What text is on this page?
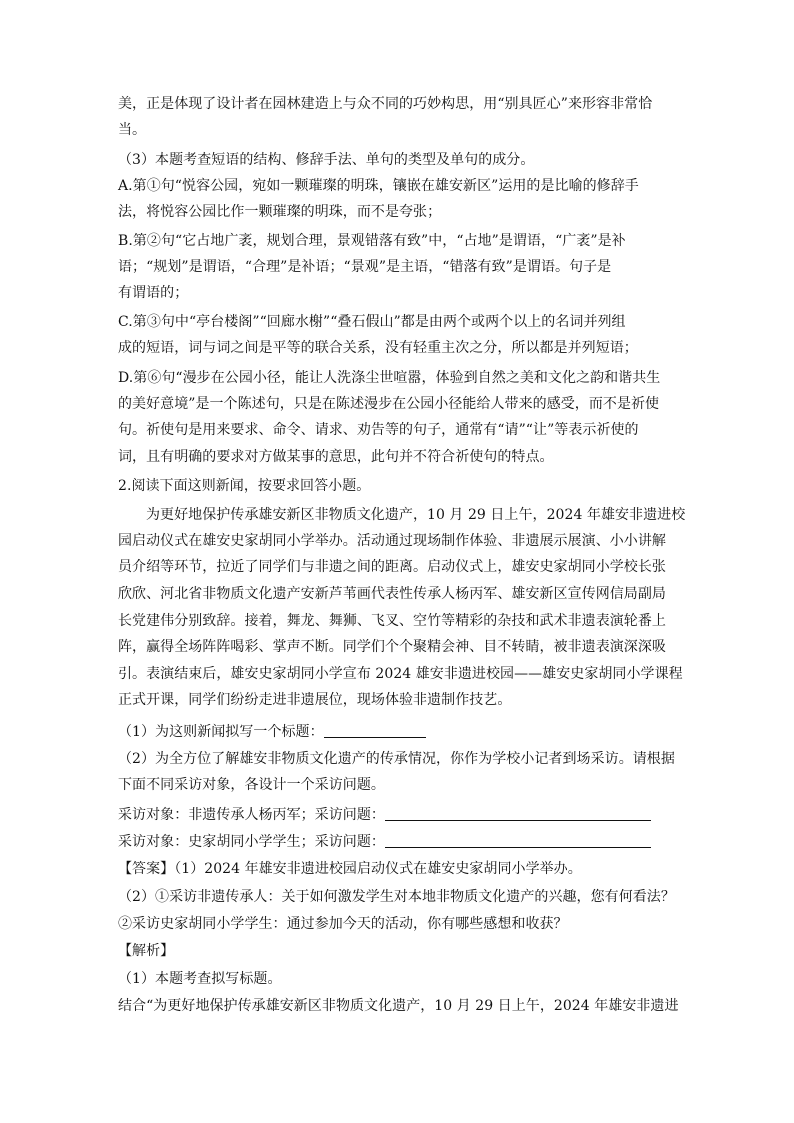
美，正是体现了设计者在园林建造上与众不同的巧妙构思，用“别具匠心”来形容非常恰
当。
（3）本题考查短语的结构、修辞手法、单句的类型及单句的成分。
A.第①句“悦容公园，宛如一颗璀璨的明珠，镶嵌在雄安新区”运用的是比喻的修辞手
法，将悦容公园比作一颗璀璨的明珠，而不是夸张；
B.第②句“它占地广袤，规划合理，景观错落有致”中，“占地”是谓语，“广袤”是补
语；“规划”是谓语，“合理”是补语；“景观”是主语，“错落有致”是谓语。句子是
有谓语的；
C.第③句中“亭台楼阁”“回廊水榭”“叠石假山”都是由两个或两个以上的名词并列组
成的短语，词与词之间是平等的联合关系，没有轻重主次之分，所以都是并列短语；
D.第⑥句“漫步在公园小径，能让人洗涤尘世喧嚣，体验到自然之美和文化之韵和谐共生
的美好意境”是一个陈述句，只是在陈述漫步在公园小径能给人带来的感受，而不是祈使
句。祈使句是用来要求、命令、请求、劝告等的句子，通常有“请”“让”等表示祈使的
词，且有明确的要求对方做某事的意思，此句并不符合祈使句的特点。
2.阅读下面这则新闻，按要求回答小题。
为更好地保护传承雄安新区非物质文化遗产，10 月 29 日上午，2024 年雄安非遗进校
园启动仪式在雄安史家胡同小学举办。活动通过现场制作体验、非遗展示展演、小小讲解
员介绍等环节，拉近了同学们与非遗之间的距离。启动仪式上，雄安史家胡同小学校长张
欣欣、河北省非物质文化遗产安新芦苇画代表性传承人杨丙军、雄安新区宣传网信局副局
长党建伟分别致辞。接着，舞龙、舞狮、飞叉、空竹等精彩的杂技和武术非遗表演轮番上
阵，赢得全场阵阵喝彩、掌声不断。同学们个个聚精会神、目不转睛，被非遗表演深深吸
引。表演结束后，雄安史家胡同小学宣布 2024 雄安非遗进校园——雄安史家胡同小学课程
正式开课，同学们纷纷走进非遗展位，现场体验非遗制作技艺。
（1）为这则新闻拟写一个标题：
（2）为全方位了解雄安非物质文化遗产的传承情况，你作为学校小记者到场采访。请根据
下面不同采访对象，各设计一个采访问题。
采访对象：非遗传承人杨丙军；采访问题：
采访对象：史家胡同小学学生；采访问题：
【答案】（1）2024 年雄安非遗进校园启动仪式在雄安史家胡同小学举办。
（2）①采访非遗传承人：关于如何激发学生对本地非物质文化遗产的兴趣，您有何看法？
②采访史家胡同小学学生：通过参加今天的活动，你有哪些感想和收获？
【解析】
（1）本题考查拟写标题。
结合“为更好地保护传承雄安新区非物质文化遗产，10 月 29 日上午，2024 年雄安非遗进
